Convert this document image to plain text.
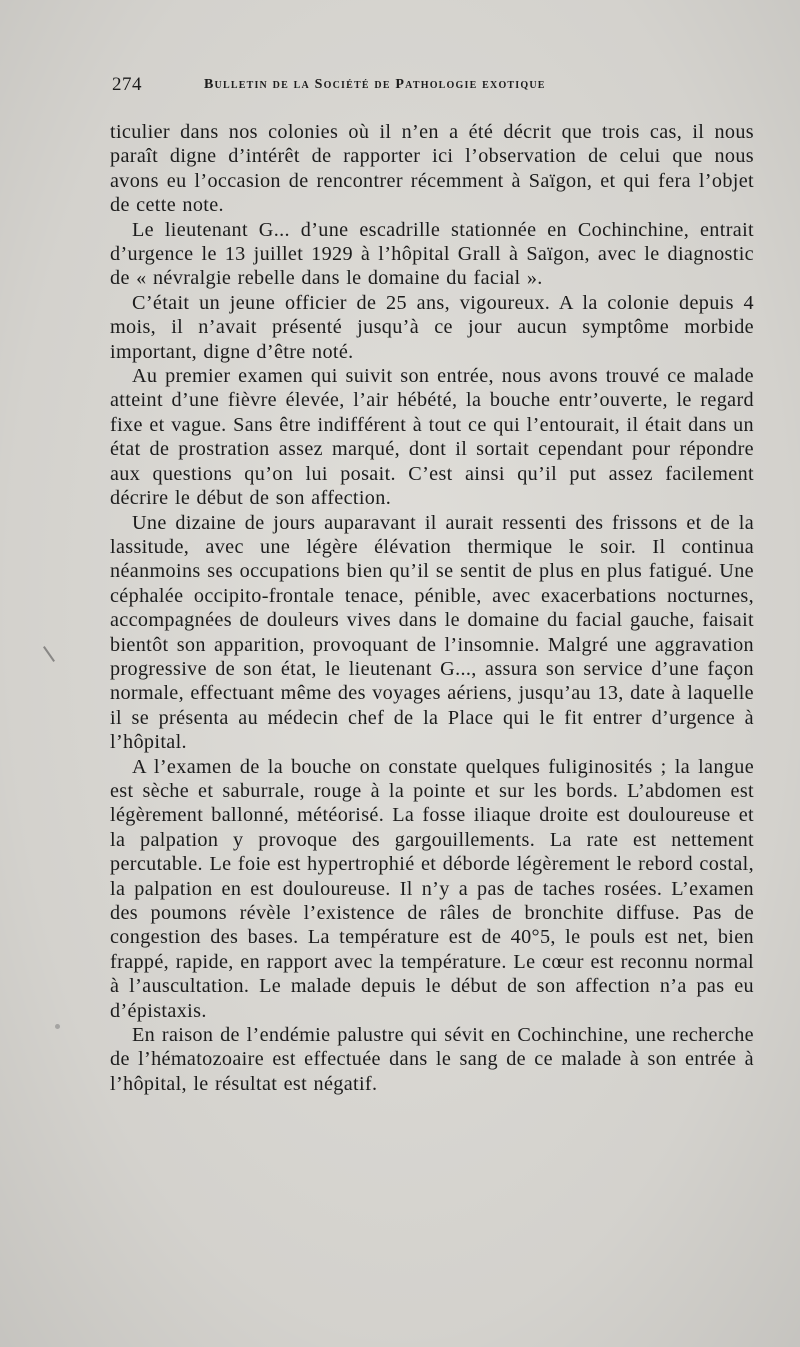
274	Bulletin de la Société de Pathologie exotique

ticulier dans nos colonies où il n’en a été décrit que trois cas, il nous paraît digne d’intérêt de rapporter ici l’observation de celui que nous avons eu l’occasion de rencontrer récemment à Saïgon, et qui fera l’objet de cette note.

Le lieutenant G... d’une escadrille stationnée en Cochinchine, entrait d’urgence le 13 juillet 1929 à l’hôpital Grall à Saïgon, avec le diagnostic de « névralgie rebelle dans le domaine du facial ».

C’était un jeune officier de 25 ans, vigoureux. A la colonie depuis 4 mois, il n’avait présenté jusqu’à ce jour aucun symptôme morbide important, digne d’être noté.

Au premier examen qui suivit son entrée, nous avons trouvé ce malade atteint d’une fièvre élevée, l’air hébété, la bouche entr’ouverte, le regard fixe et vague. Sans être indifférent à tout ce qui l’entourait, il était dans un état de prostration assez marqué, dont il sortait cependant pour répondre aux questions qu’on lui posait. C’est ainsi qu’il put assez facilement décrire le début de son affection.

Une dizaine de jours auparavant il aurait ressenti des frissons et de la lassitude, avec une légère élévation thermique le soir. Il continua néanmoins ses occupations bien qu’il se sentit de plus en plus fatigué. Une céphalée occipito-frontale tenace, pénible, avec exacerbations nocturnes, accompagnées de douleurs vives dans le domaine du facial gauche, faisait bientôt son apparition, provoquant de l’insomnie. Malgré une aggravation progressive de son état, le lieutenant G..., assura son service d’une façon normale, effectuant même des voyages aériens, jusqu’au 13, date à laquelle il se présenta au médecin chef de la Place qui le fit entrer d’urgence à l’hôpital.

A l’examen de la bouche on constate quelques fuliginosités ; la langue est sèche et saburrale, rouge à la pointe et sur les bords. L’abdomen est légèrement ballonné, météorisé. La fosse iliaque droite est douloureuse et la palpation y provoque des gargouillements. La rate est nettement percutable. Le foie est hypertrophié et déborde légèrement le rebord costal, la palpation en est douloureuse. Il n’y a pas de taches rosées. L’examen des poumons révèle l’existence de râles de bronchite diffuse. Pas de congestion des bases. La température est de 40°5, le pouls est net, bien frappé, rapide, en rapport avec la température. Le cœur est reconnu normal à l’auscultation. Le malade depuis le début de son affection n’a pas eu d’épistaxis.

En raison de l’endémie palustre qui sévit en Cochinchine, une recherche de l’hématozoaire est effectuée dans le sang de ce malade à son entrée à l’hôpital, le résultat est négatif.
